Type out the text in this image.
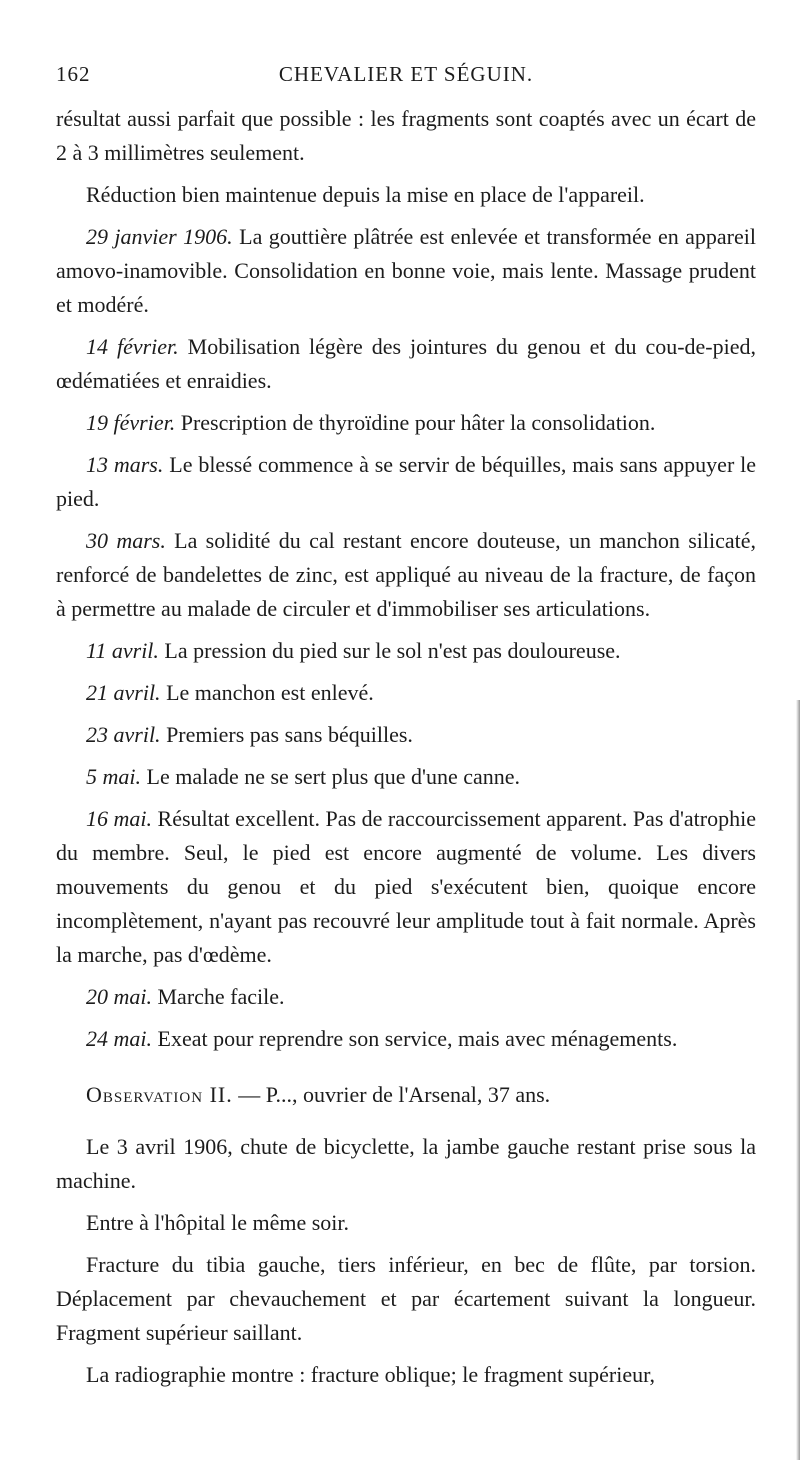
162	CHEVALIER ET SÉGUIN.

résultat aussi parfait que possible : les fragments sont coaptés avec un écart de 2 à 3 millimètres seulement.

Réduction bien maintenue depuis la mise en place de l'appareil.

29 janvier 1906. La gouttière plâtrée est enlevée et transformée en appareil amovo-inamovible. Consolidation en bonne voie, mais lente. Massage prudent et modéré.

14 février. Mobilisation légère des jointures du genou et du cou-de-pied, œdématiées et enraidies.

19 février. Prescription de thyroïdine pour hâter la consolidation.

13 mars. Le blessé commence à se servir de béquilles, mais sans appuyer le pied.

30 mars. La solidité du cal restant encore douteuse, un manchon silicaté, renforcé de bandelettes de zinc, est appliqué au niveau de la fracture, de façon à permettre au malade de circuler et d'immobiliser ses articulations.

11 avril. La pression du pied sur le sol n'est pas douloureuse.

21 avril. Le manchon est enlevé.

23 avril. Premiers pas sans béquilles.

5 mai. Le malade ne se sert plus que d'une canne.

16 mai. Résultat excellent. Pas de raccourcissement apparent. Pas d'atrophie du membre. Seul, le pied est encore augmenté de volume. Les divers mouvements du genou et du pied s'exécutent bien, quoique encore incomplètement, n'ayant pas recouvré leur amplitude tout à fait normale. Après la marche, pas d'œdème.

20 mai. Marche facile.

24 mai. Exeat pour reprendre son service, mais avec ménagements.

Observation II. — P..., ouvrier de l'Arsenal, 37 ans.

Le 3 avril 1906, chute de bicyclette, la jambe gauche restant prise sous la machine.

Entre à l'hôpital le même soir.

Fracture du tibia gauche, tiers inférieur, en bec de flûte, par torsion. Déplacement par chevauchement et par écartement suivant la longueur. Fragment supérieur saillant.

La radiographie montre : fracture oblique; le fragment supérieur,
